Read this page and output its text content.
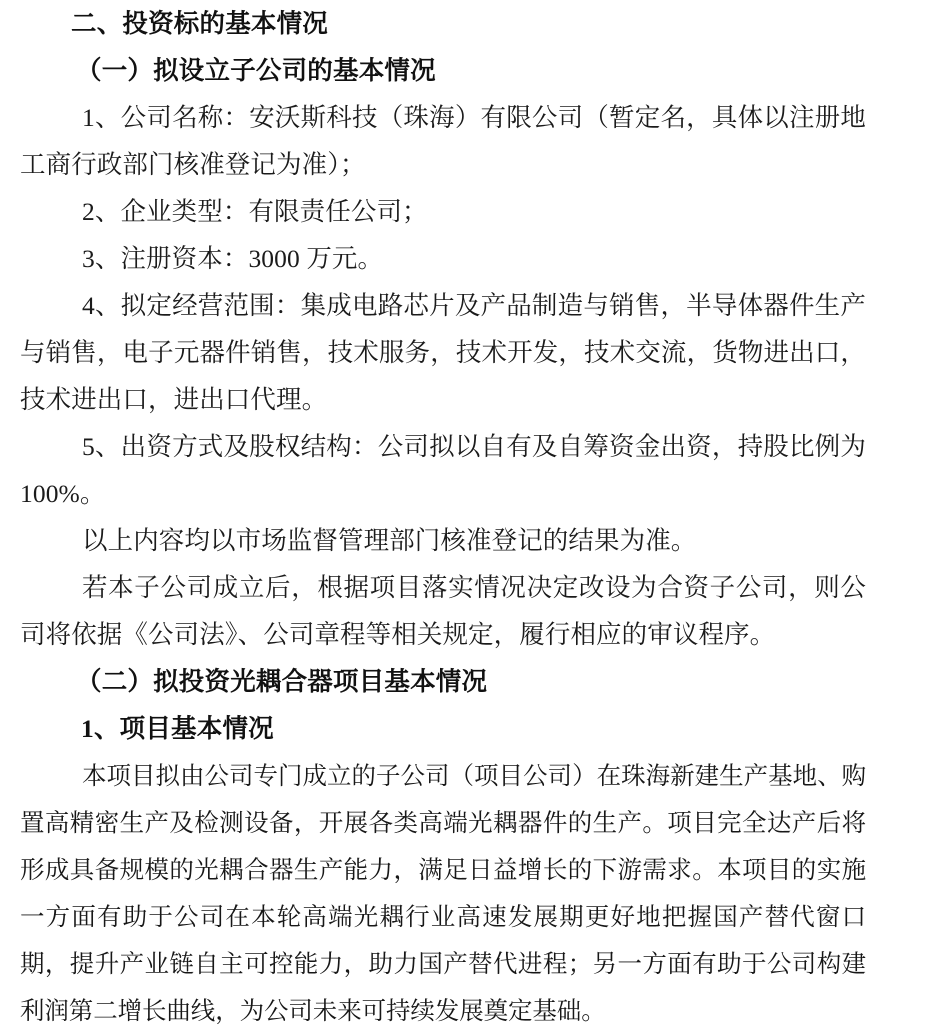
二、投资标的基本情况
（一）拟设立子公司的基本情况

1、公司名称：安沃斯科技（珠海）有限公司（暂定名，具体以注册地工商行政部门核准登记为准）；

2、企业类型：有限责任公司；

3、注册资本：3000 万元。

4、拟定经营范围：集成电路芯片及产品制造与销售，半导体器件生产与销售，电子元器件销售，技术服务，技术开发，技术交流，货物进出口，技术进出口，进出口代理。

5、出资方式及股权结构：公司拟以自有及自筹资金出资，持股比例为 100%。

以上内容均以市场监督管理部门核准登记的结果为准。

若本子公司成立后，根据项目落实情况决定改设为合资子公司，则公司将依据《公司法》、公司章程等相关规定，履行相应的审议程序。

（二）拟投资光耦合器项目基本情况
1、项目基本情况

本项目拟由公司专门成立的子公司（项目公司）在珠海新建生产基地、购置高精密生产及检测设备，开展各类高端光耦器件的生产。项目完全达产后将形成具备规模的光耦合器生产能力，满足日益增长的下游需求。本项目的实施一方面有助于公司在本轮高端光耦行业高速发展期更好地把握国产替代窗口期，提升产业链自主可控能力，助力国产替代进程；另一方面有助于公司构建利润第二增长曲线，为公司未来可持续发展奠定基础。
